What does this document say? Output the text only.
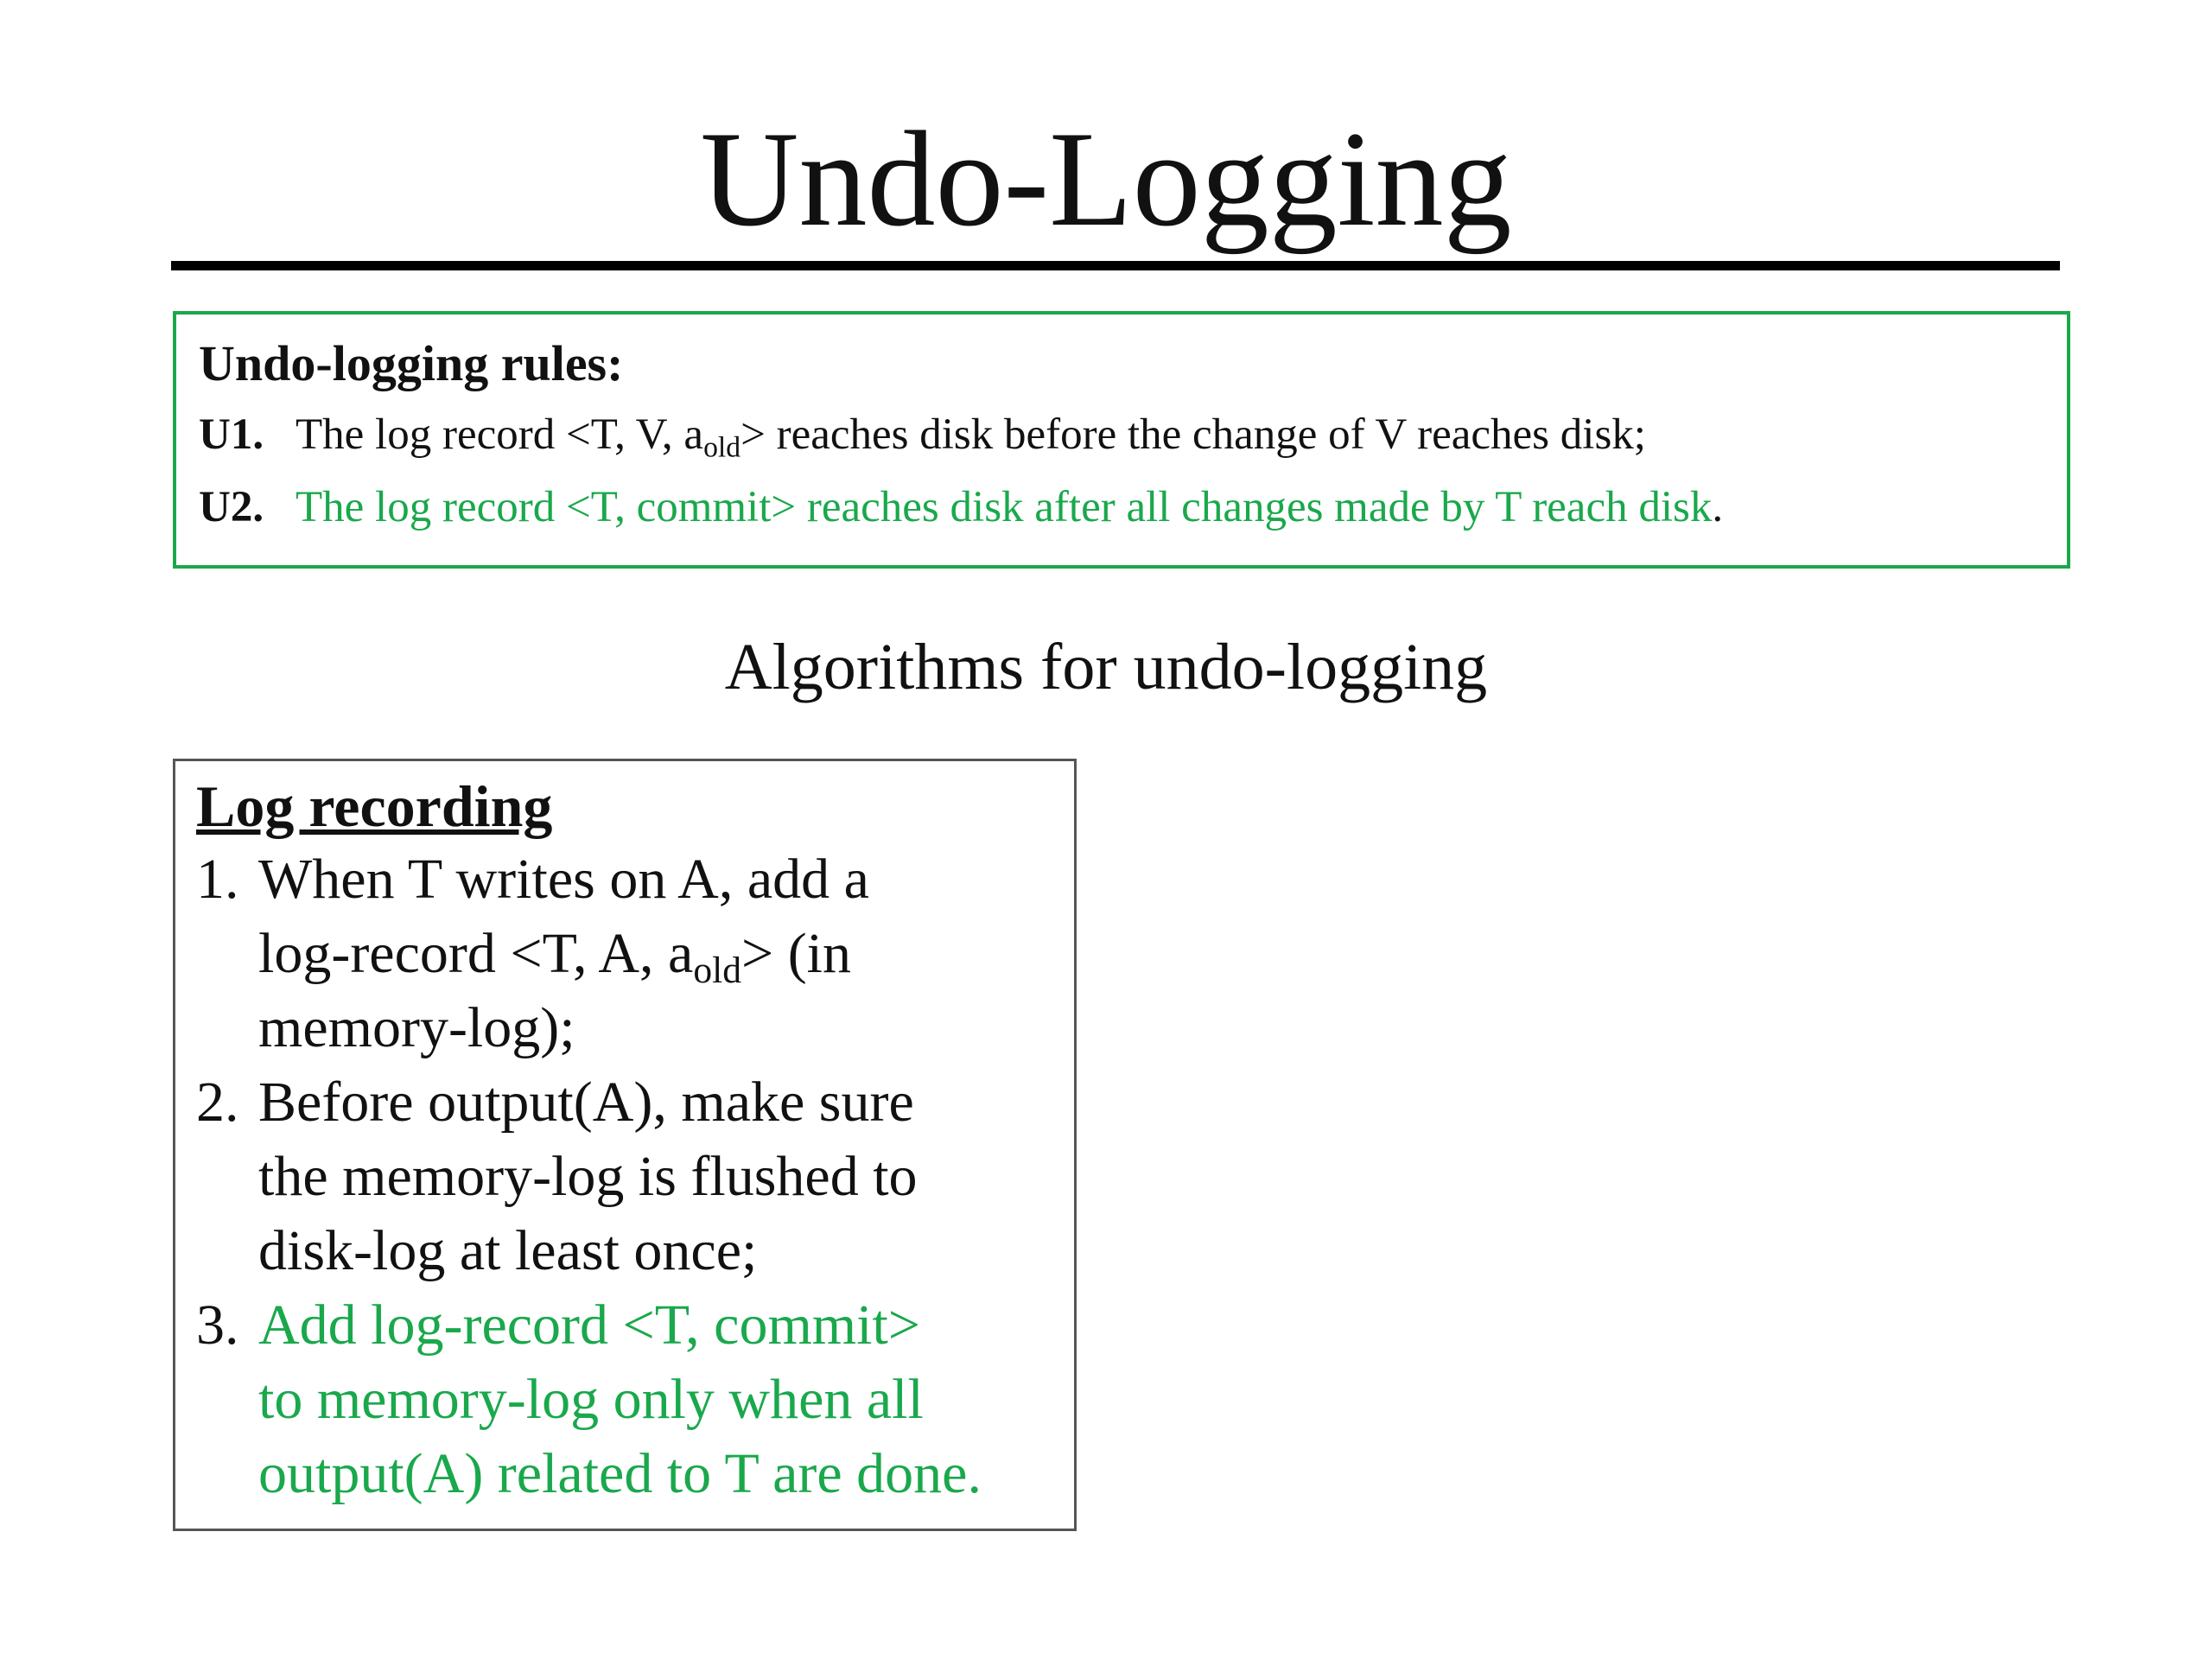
Undo-Logging

Undo-logging rules:

U1. The log record <T, V, $a_{old}>$ reaches disk before the change of V reaches disk;

U2. The log record <T, commit> reaches disk after all changes made by T reach disk.

Algorithms for undo-logging

Log recording

1. When T writes on A, add a
log-record <T, A, $a_{old}> (in$
memory-log);
2. Before output(A), make sure
the memory-log is flushed to
disk-log at least once;
3. Add log-record <T, commit>
to memory-log only when all
output(A) related to T are done.
